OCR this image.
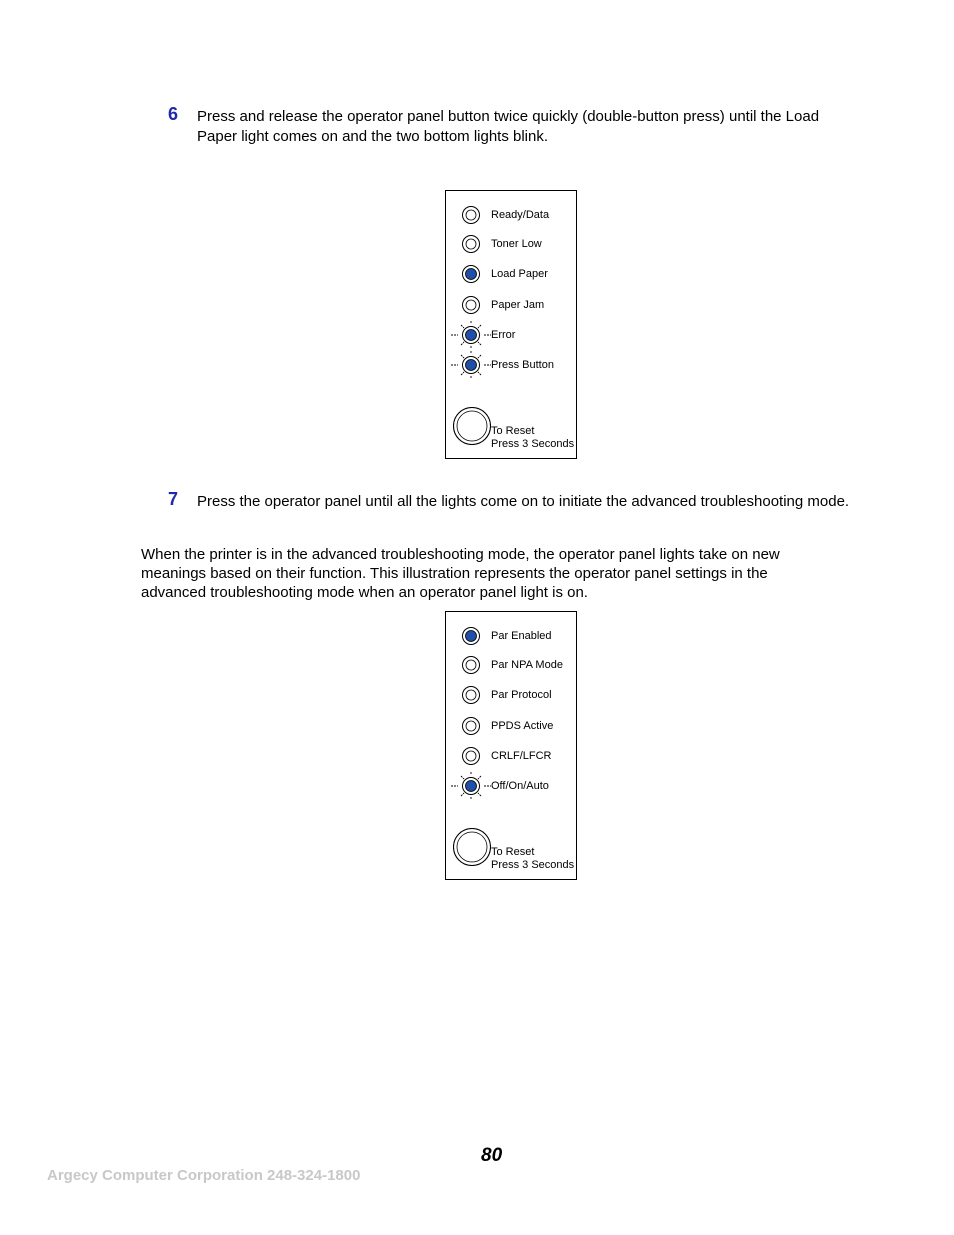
6 Press and release the operator panel button twice quickly (double-button press) until the Load Paper light comes on and the two bottom lights blink.
Ready/Data
Toner Low
Load Paper
Paper Jam
Error
Press Button
To Reset
Press 3 Seconds
7 Press the operator panel until all the lights come on to initiate the advanced troubleshooting mode.
When the printer is in the advanced troubleshooting mode, the operator panel lights take on new meanings based on their function. This illustration represents the operator panel settings in the advanced troubleshooting mode when an operator panel light is on.
Par Enabled
Par NPA Mode
Par Protocol
PPDS Active
CRLF/LFCR
Off/On/Auto
To Reset
Press 3 Seconds
80
Argecy Computer Corporation 248-324-1800
